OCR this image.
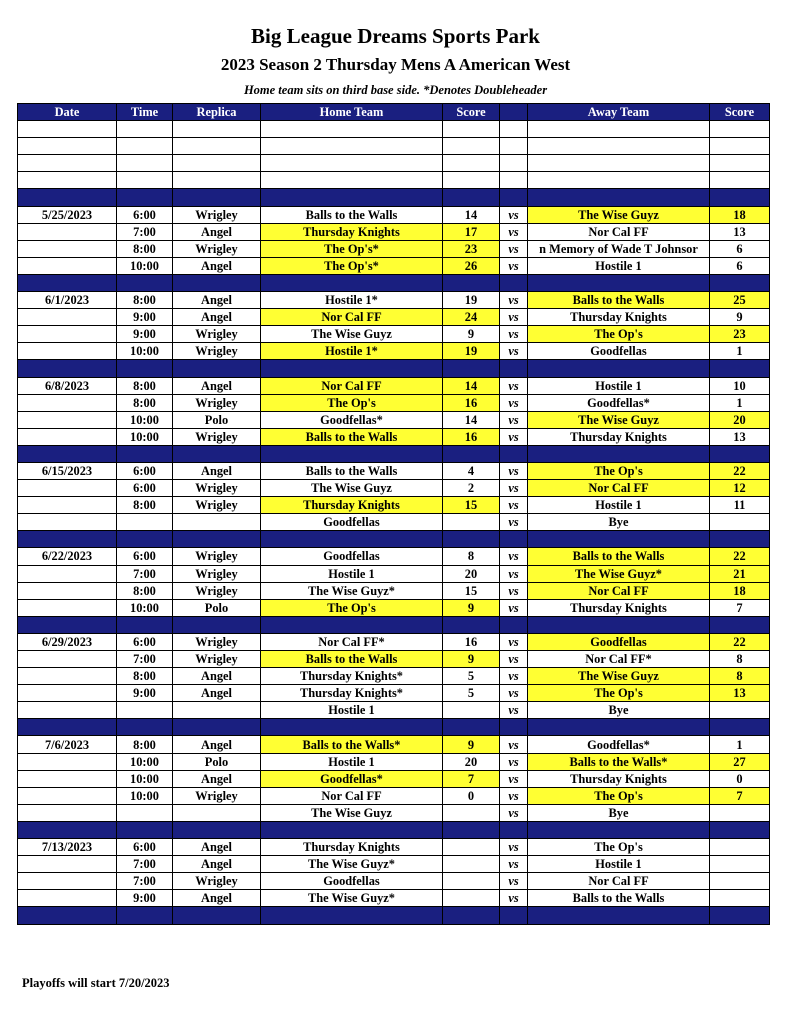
Big League Dreams Sports Park
2023 Season 2 Thursday Mens A American West
Home team sits on third base side. *Denotes Doubleheader
Date	Time	Replica	Home Team	Score		Away Team	Score

5/25/2023	6:00	Wrigley	Balls to the Walls	14	vs	The Wise Guyz	18
	7:00	Angel	Thursday Knights	17	vs	Nor Cal FF	13
	8:00	Wrigley	The Op's*	23	vs	n Memory of Wade T Johnsor	6
	10:00	Angel	The Op's*	26	vs	Hostile 1	6

6/1/2023	8:00	Angel	Hostile 1*	19	vs	Balls to the Walls	25
	9:00	Angel	Nor Cal FF	24	vs	Thursday Knights	9
	9:00	Wrigley	The Wise Guyz	9	vs	The Op's	23
	10:00	Wrigley	Hostile 1*	19	vs	Goodfellas	1

6/8/2023	8:00	Angel	Nor Cal FF	14	vs	Hostile 1	10
	8:00	Wrigley	The Op's	16	vs	Goodfellas*	1
	10:00	Polo	Goodfellas*	14	vs	The Wise Guyz	20
	10:00	Wrigley	Balls to the Walls	16	vs	Thursday Knights	13

6/15/2023	6:00	Angel	Balls to the Walls	4	vs	The Op's	22
	6:00	Wrigley	The Wise Guyz	2	vs	Nor Cal FF	12
	8:00	Wrigley	Thursday Knights	15	vs	Hostile 1	11
			Goodfellas		vs	Bye	

6/22/2023	6:00	Wrigley	Goodfellas	8	vs	Balls to the Walls	22
	7:00	Wrigley	Hostile 1	20	vs	The Wise Guyz*	21
	8:00	Wrigley	The Wise Guyz*	15	vs	Nor Cal FF	18
	10:00	Polo	The Op's	9	vs	Thursday Knights	7

6/29/2023	6:00	Wrigley	Nor Cal FF*	16	vs	Goodfellas	22
	7:00	Wrigley	Balls to the Walls	9	vs	Nor Cal FF*	8
	8:00	Angel	Thursday Knights*	5	vs	The Wise Guyz	8
	9:00	Angel	Thursday Knights*	5	vs	The Op's	13
			Hostile 1		vs	Bye	

7/6/2023	8:00	Angel	Balls to the Walls*	9	vs	Goodfellas*	1
	10:00	Polo	Hostile 1	20	vs	Balls to the Walls*	27
	10:00	Angel	Goodfellas*	7	vs	Thursday Knights	0
	10:00	Wrigley	Nor Cal FF	0	vs	The Op's	7
			The Wise Guyz		vs	Bye	

7/13/2023	6:00	Angel	Thursday Knights		vs	The Op's	
	7:00	Angel	The Wise Guyz*		vs	Hostile 1	
	7:00	Wrigley	Goodfellas		vs	Nor Cal FF	
	9:00	Angel	The Wise Guyz*		vs	Balls to the Walls	

Playoffs will start 7/20/2023
